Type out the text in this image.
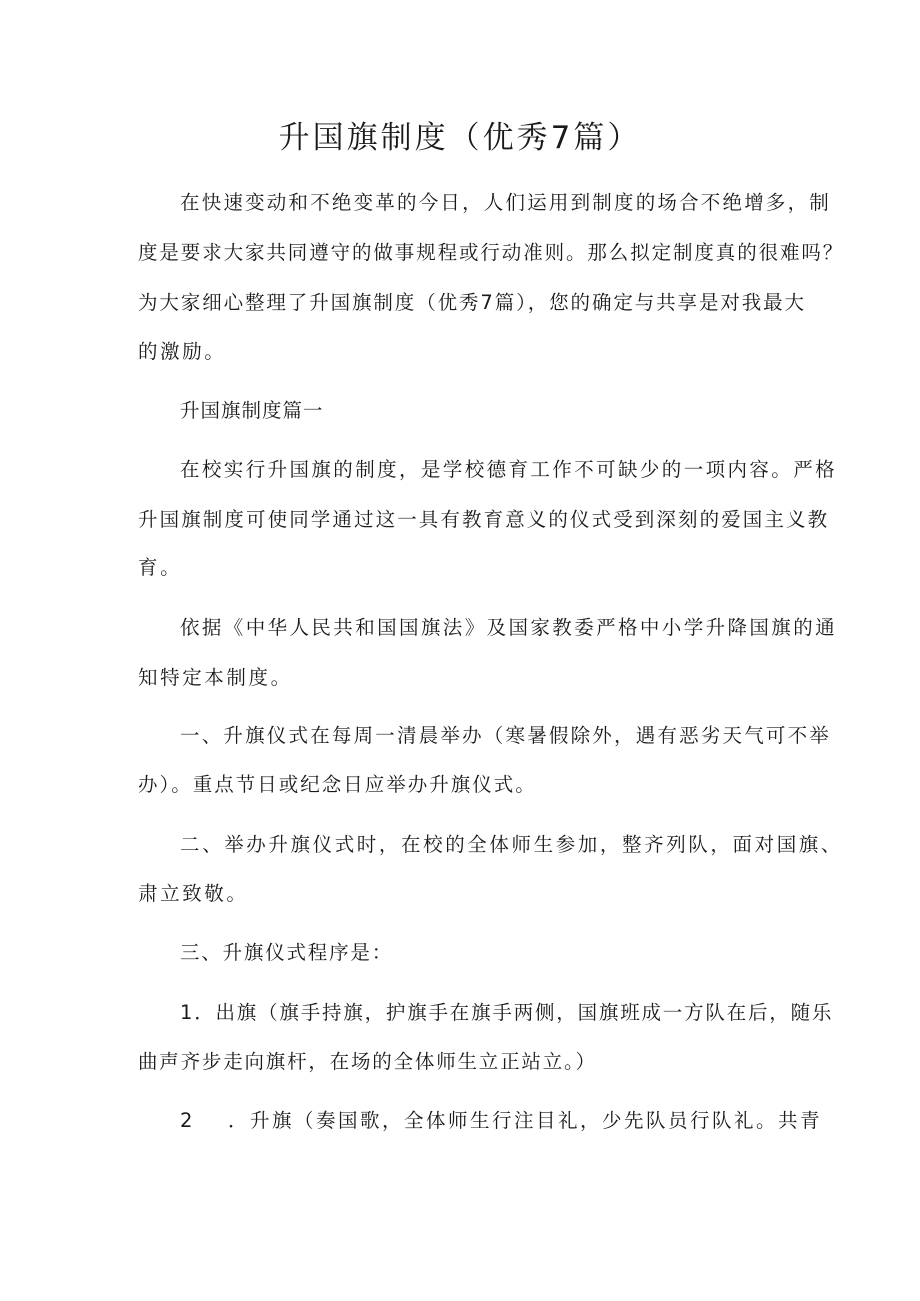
升国旗制度（优秀7篇）

在快速变动和不绝变革的今日，人们运用到制度的场合不绝增多，制

度是要求大家共同遵守的做事规程或行动准则。那么拟定制度真的很难吗？

为大家细心整理了升国旗制度（优秀7篇），您的确定与共享是对我最大

的激励。

升国旗制度篇一

在校实行升国旗的制度，是学校德育工作不可缺少的一项内容。严格

升国旗制度可使同学通过这一具有教育意义的仪式受到深刻的爱国主义教

育。

依据《中华人民共和国国旗法》及国家教委严格中小学升降国旗的通

知特定本制度。

一、升旗仪式在每周一清晨举办（寒暑假除外，遇有恶劣天气可不举

办）。重点节日或纪念日应举办升旗仪式。

二、举办升旗仪式时，在校的全体师生参加，整齐列队，面对国旗、

肃立致敬。

三、升旗仪式程序是：

1．出旗（旗手持旗，护旗手在旗手两侧，国旗班成一方队在后，随乐

曲声齐步走向旗杆，在场的全体师生立正站立。）

2 ．升旗（奏国歌，全体师生行注目礼，少先队员行队礼。共青
